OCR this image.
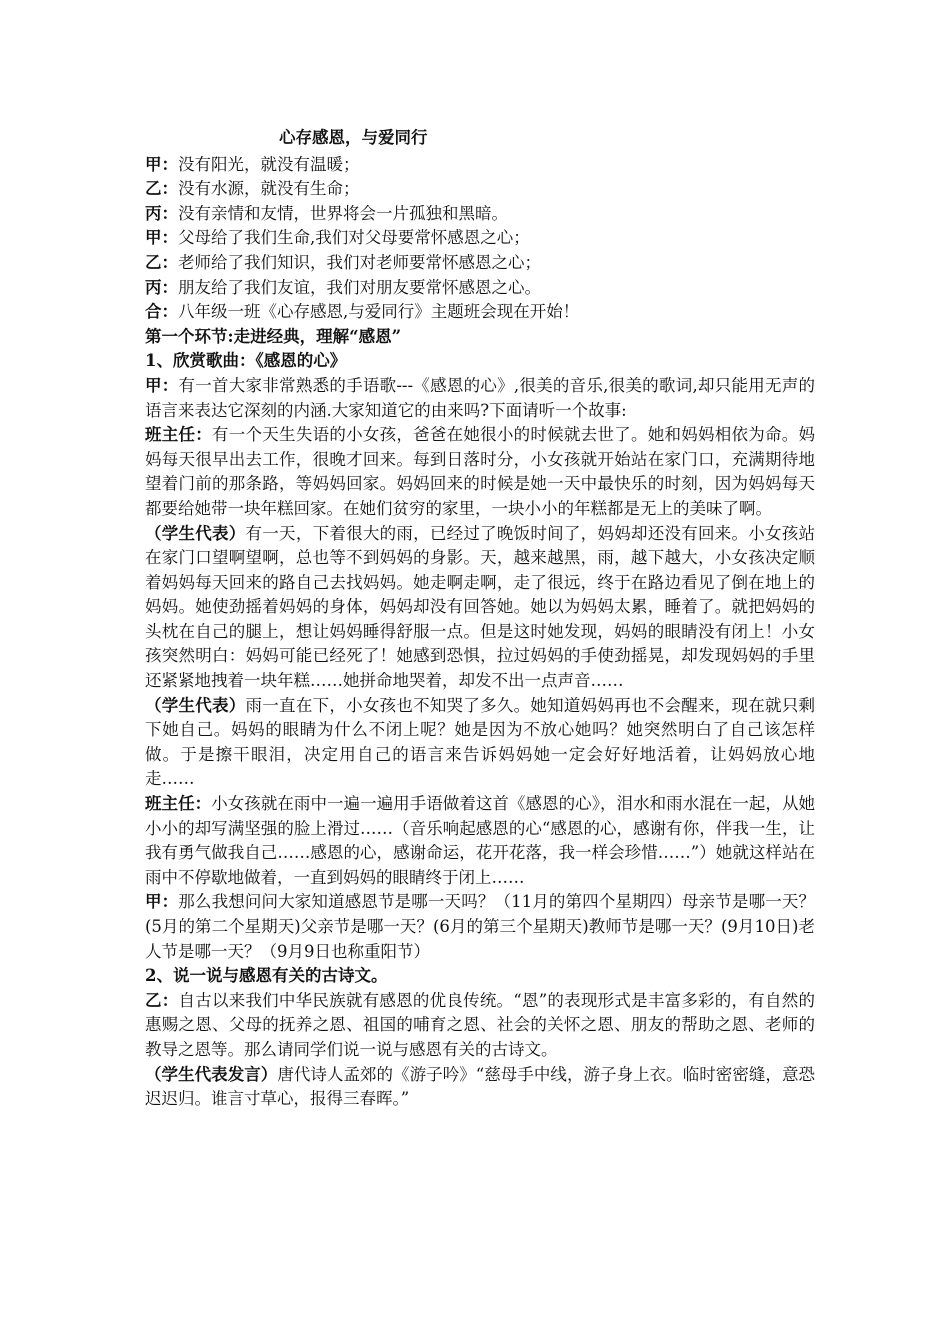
心存感恩，与爱同行

甲：没有阳光，就没有温暖；

乙：没有水源，就没有生命；

丙：没有亲情和友情，世界将会一片孤独和黑暗。

甲：父母给了我们生命,我们对父母要常怀感恩之心；

乙：老师给了我们知识，我们对老师要常怀感恩之心；

丙：朋友给了我们友谊，我们对朋友要常怀感恩之心。

合：八年级一班《心存感恩,与爱同行》主题班会现在开始！

第一个环节:走进经典，理解“感恩”

1、欣赏歌曲：《感恩的心》

甲：有一首大家非常熟悉的手语歌---《感恩的心》,很美的音乐,很美的歌词,却只能用无声的语言来表达它深刻的内涵.大家知道它的由来吗?下面请听一个故事:

班主任：有一个天生失语的小女孩，爸爸在她很小的时候就去世了。她和妈妈相依为命。妈妈每天很早出去工作，很晚才回来。每到日落时分，小女孩就开始站在家门口，充满期待地望着门前的那条路，等妈妈回家。妈妈回来的时候是她一天中最快乐的时刻，因为妈妈每天都要给她带一块年糕回家。在她们贫穷的家里，一块小小的年糕都是无上的美味了啊。

（学生代表）有一天，下着很大的雨，已经过了晚饭时间了，妈妈却还没有回来。小女孩站在家门口望啊望啊，总也等不到妈妈的身影。天，越来越黑，雨，越下越大，小女孩决定顺着妈妈每天回来的路自己去找妈妈。她走啊走啊，走了很远，终于在路边看见了倒在地上的妈妈。她使劲摇着妈妈的身体，妈妈却没有回答她。她以为妈妈太累，睡着了。就把妈妈的头枕在自己的腿上，想让妈妈睡得舒服一点。但是这时她发现，妈妈的眼睛没有闭上！小女孩突然明白：妈妈可能已经死了！她感到恐惧，拉过妈妈的手使劲摇晃，却发现妈妈的手里还紧紧地拽着一块年糕……她拼命地哭着，却发不出一点声音……

（学生代表）雨一直在下，小女孩也不知哭了多久。她知道妈妈再也不会醒来，现在就只剩下她自己。妈妈的眼睛为什么不闭上呢？她是因为不放心她吗？她突然明白了自己该怎样做。于是擦干眼泪，决定用自己的语言来告诉妈妈她一定会好好地活着，让妈妈放心地走……

班主任：小女孩就在雨中一遍一遍用手语做着这首《感恩的心》，泪水和雨水混在一起，从她小小的却写满坚强的脸上滑过……（音乐响起感恩的心“感恩的心，感谢有你，伴我一生，让我有勇气做我自己……感恩的心，感谢命运，花开花落，我一样会珍惜……”）她就这样站在雨中不停歇地做着，一直到妈妈的眼睛终于闭上……

甲：那么我想问问大家知道感恩节是哪一天吗？（11月的第四个星期四）母亲节是哪一天？(5月的第二个星期天)父亲节是哪一天？(6月的第三个星期天)教师节是哪一天？(9月10日)老人节是哪一天？（9月9日也称重阳节）

2、说一说与感恩有关的古诗文。

乙：自古以来我们中华民族就有感恩的优良传统。“恩”的表现形式是丰富多彩的，有自然的惠赐之恩、父母的抚养之恩、祖国的哺育之恩、社会的关怀之恩、朋友的帮助之恩、老师的教导之恩等。那么请同学们说一说与感恩有关的古诗文。

（学生代表发言）唐代诗人孟郊的《游子吟》“慈母手中线，游子身上衣。临时密密缝，意恐迟迟归。谁言寸草心，报得三春晖。”
